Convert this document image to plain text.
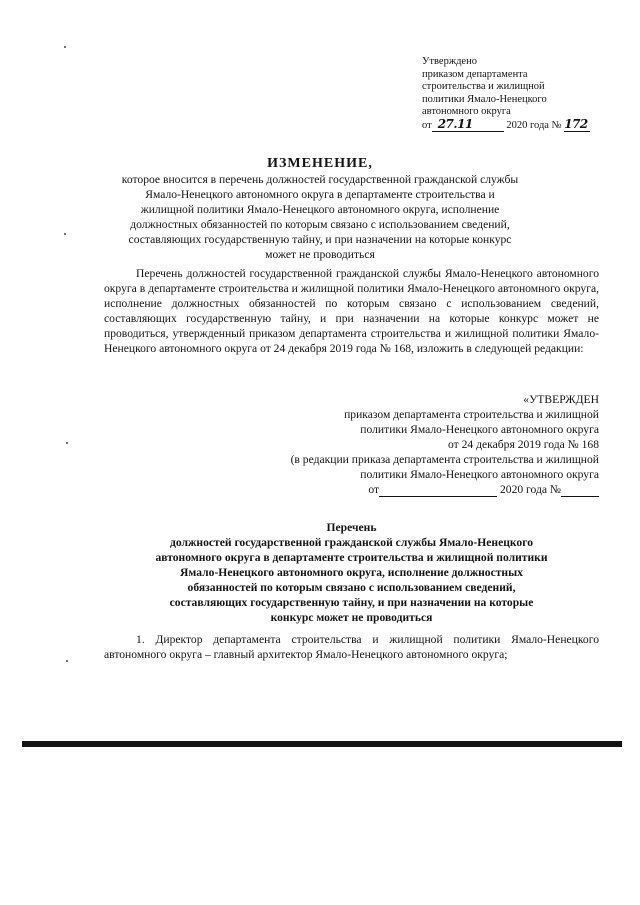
Утверждено
приказом департамента
строительства и жилищной
политики Ямало-Ненецкого
автономного округа
от 27.11	2020 года № 172
ИЗМЕНЕНИЕ,
которое вносится в перечень должностей государственной гражданской службы
Ямало-Ненецкого автономного округа в департаменте строительства и
жилищной политики Ямало-Ненецкого автономного округа, исполнение
должностных обязанностей по которым связано с использованием сведений,
составляющих государственную тайну, и при назначении на которые конкурс
может не проводиться
Перечень должностей государственной гражданской службы Ямало-Ненецкого автономного округа в департаменте строительства и жилищной политики Ямало-Ненецкого автономного округа, исполнение должностных обязанностей по которым связано с использованием сведений, составляющих государственную тайну, и при назначении на которые конкурс может не проводиться, утвержденный приказом департамента строительства и жилищной политики Ямало-Ненецкого автономного округа от 24 декабря 2019 года № 168, изложить в следующей редакции:
«УТВЕРЖДЕН
приказом департамента строительства и жилищной
политики Ямало-Ненецкого автономного округа
от 24 декабря 2019 года № 168
(в редакции приказа департамента строительства и жилищной
политики Ямало-Ненецкого автономного округа
от	2020 года №
Перечень
должностей государственной гражданской службы Ямало-Ненецкого
автономного округа в департаменте строительства и жилищной политики
Ямало-Ненецкого автономного округа, исполнение должностных
обязанностей по которым связано с использованием сведений,
составляющих государственную тайну, и при назначении на которые
конкурс может не проводиться
1. Директор департамента строительства и жилищной политики Ямало-Ненецкого автономного округа – главный архитектор Ямало-Ненецкого автономного округа;
